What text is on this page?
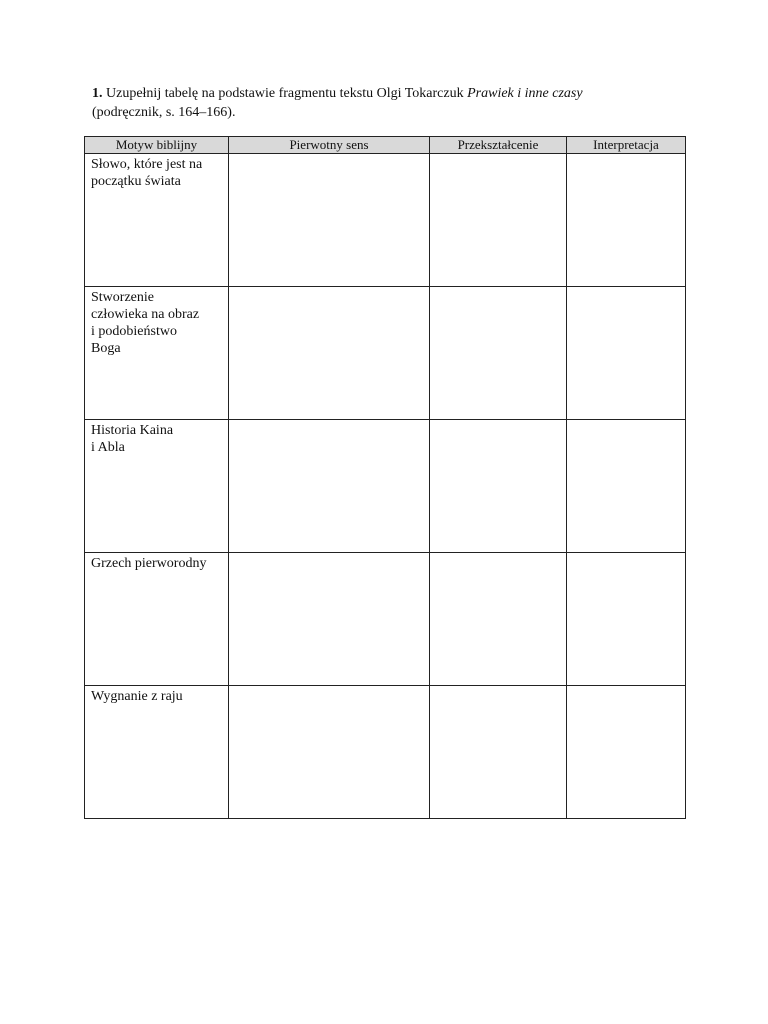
1. Uzupełnij tabelę na podstawie fragmentu tekstu Olgi Tokarczuk Prawiek i inne czasy
(podręcznik, s. 164–166).
Motyw biblijny	Pierwotny sens	Przekształcenie	Interpretacja

Słowo, które jest na
początku świata			

Stworzenie
człowieka na obraz
i podobieństwo
Boga			

Historia Kaina
i Abla			

Grzech pierworodny			

Wygnanie z raju			
